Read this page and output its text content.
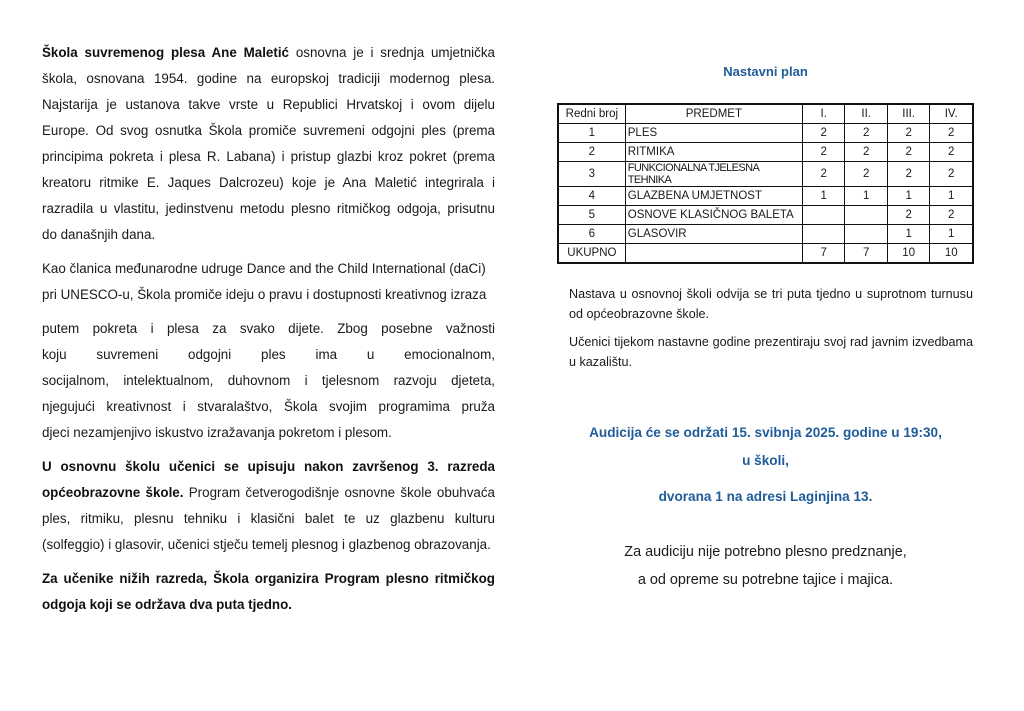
Škola suvremenog plesa Ane Maletić osnovna je i srednja umjetnička
škola, osnovana 1954. godine na europskoj tradiciji modernog plesa.
Najstarija je ustanova takve vrste u Republici Hrvatskoj i ovom dijelu
Europe. Od svog osnutka Škola promiče suvremeni odgojni ples (prema
principima pokreta i plesa R. Labana) i pristup glazbi kroz pokret (prema
kreatoru ritmike E. Jaques Dalcrozeu) koje je Ana Maletić integrirala i
razradila u vlastitu, jedinstvenu metodu plesno ritmičkog odgoja, prisutnu
do današnjih dana.

Kao članica međunarodne udruge Dance and the Child International (daCi)
pri UNESCO-u, Škola promiče ideju o pravu i dostupnosti kreativnog izraza

putem pokreta i plesa za svako dijete. Zbog posebne važnosti
koju suvremeni odgojni ples ima u emocionalnom,
socijalnom, intelektualnom, duhovnom i tjelesnom razvoju djeteta,
njegujući kreativnost i stvaralaštvo, Škola svojim programima pruža
djeci nezamjenjivo iskustvo izražavanja pokretom i plesom.

U osnovnu školu učenici se upisuju nakon završenog 3. razreda
općeobrazovne škole. Program četverogodišnje osnovne škole obuhvaća
ples, ritmiku, plesnu tehniku i klasični balet te uz glazbenu kulturu
(solfeggio) i glasovir, učenici stječu temelj plesnog i glazbenog obrazovanja.

Za učenike nižih razreda, Škola organizira Program plesno ritmičkog
odgoja koji se održava dva puta tjedno.

Nastavni plan
Redni broj	PREDMET	I.	II.	III.	IV.
1	PLES	2	2	2	2
2	RITMIKA	2	2	2	2
3	FUNKCIONALNA TJELESNA TEHNIKA	2	2	2	2
4	GLAZBENA UMJETNOST	1	1	1	1
5	OSNOVE KLASIČNOG BALETA			2	2
6	GLASOVIR			1	1
UKUPNO		7	7	10	10

Nastava u osnovnoj školi odvija se tri puta tjedno u suprotnom turnusu od općeobrazovne škole.

Učenici tijekom nastavne godine prezentiraju svoj rad javnim izvedbama u kazalištu.

Audicija će se održati 15. svibnja 2025. godine u 19:30,
u školi,
dvorana 1 na adresi Laginjina 13.
Za audiciju nije potrebno plesno predznanje,
a od opreme su potrebne tajice i majica.
